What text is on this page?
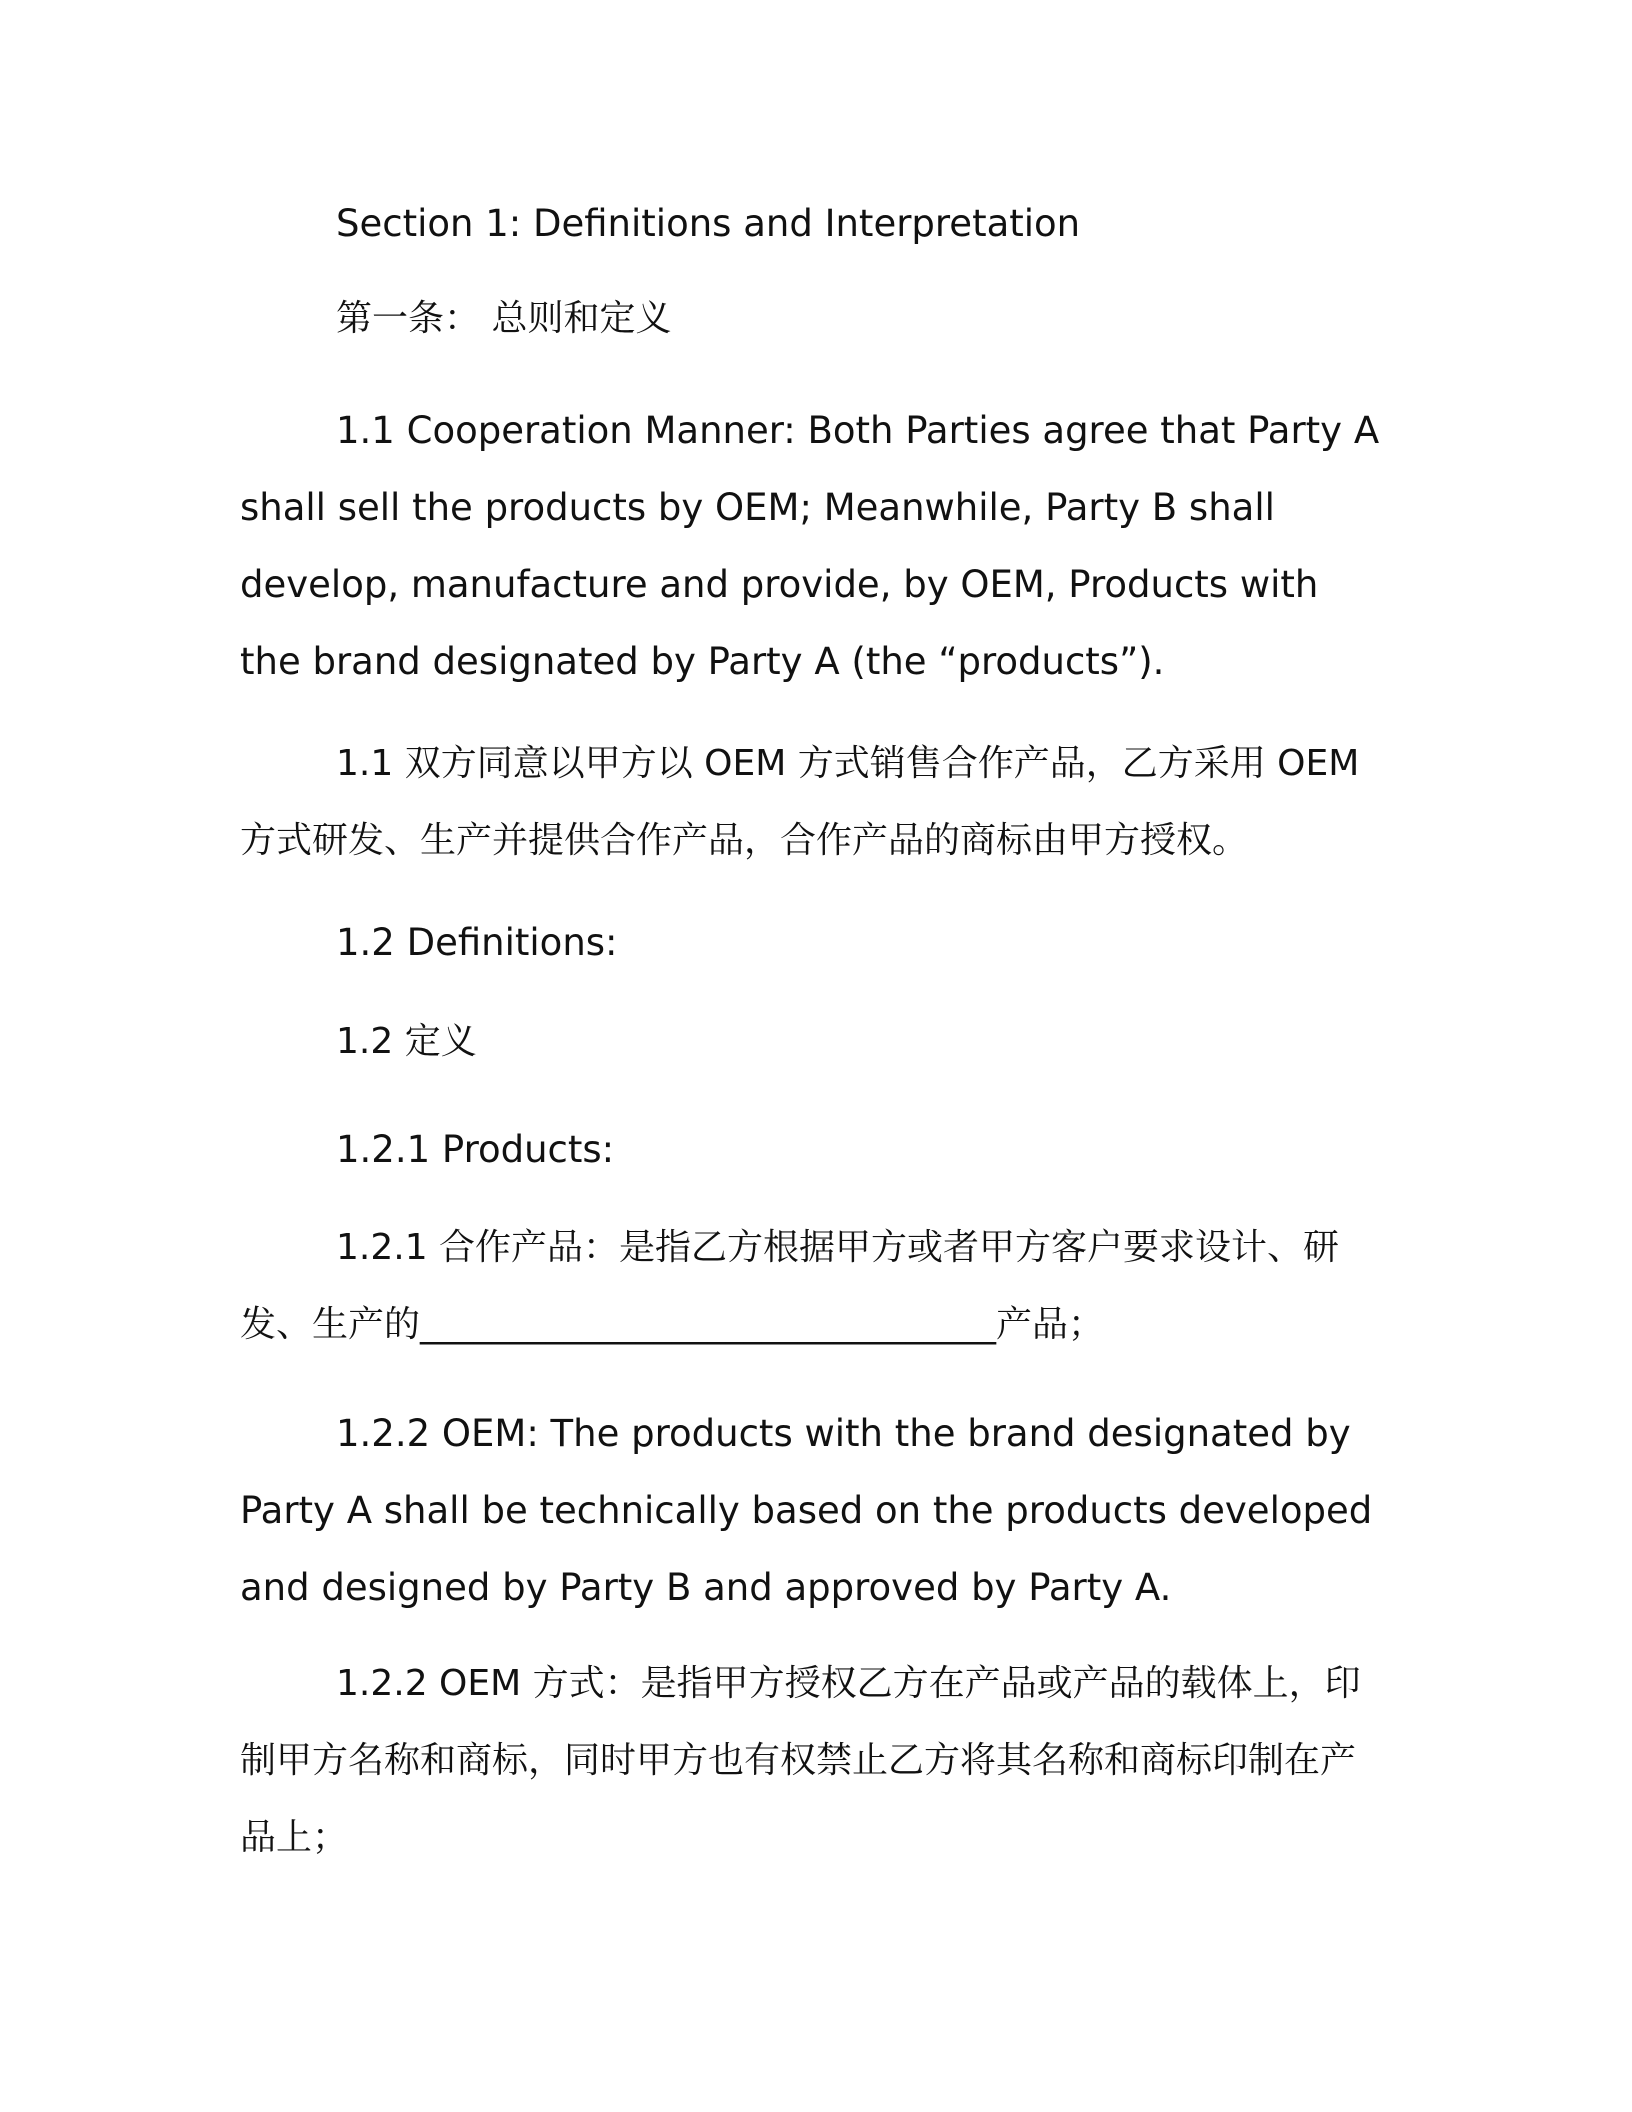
Section 1: Definitions and Interpretation

第一条： 总则和定义

1.1 Cooperation Manner: Both Parties agree that Party A shall sell the products by OEM; Meanwhile, Party B shall develop, manufacture and provide, by OEM, Products with the brand designated by Party A (the “products”).

1.1 双方同意以甲方以 OEM 方式销售合作产品，乙方采用 OEM 方式研发、生产并提供合作产品，合作产品的商标由甲方授权。

1.2 Definitions:

1.2 定义

1.2.1 Products:

1.2.1 合作产品：是指乙方根据甲方或者甲方客户要求设计、研发、生产的________________________________产品；

1.2.2 OEM: The products with the brand designated by Party A shall be technically based on the products developed and designed by Party B and approved by Party A.

1.2.2 OEM 方式：是指甲方授权乙方在产品或产品的载体上，印制甲方名称和商标，同时甲方也有权禁止乙方将其名称和商标印制在产品上；
